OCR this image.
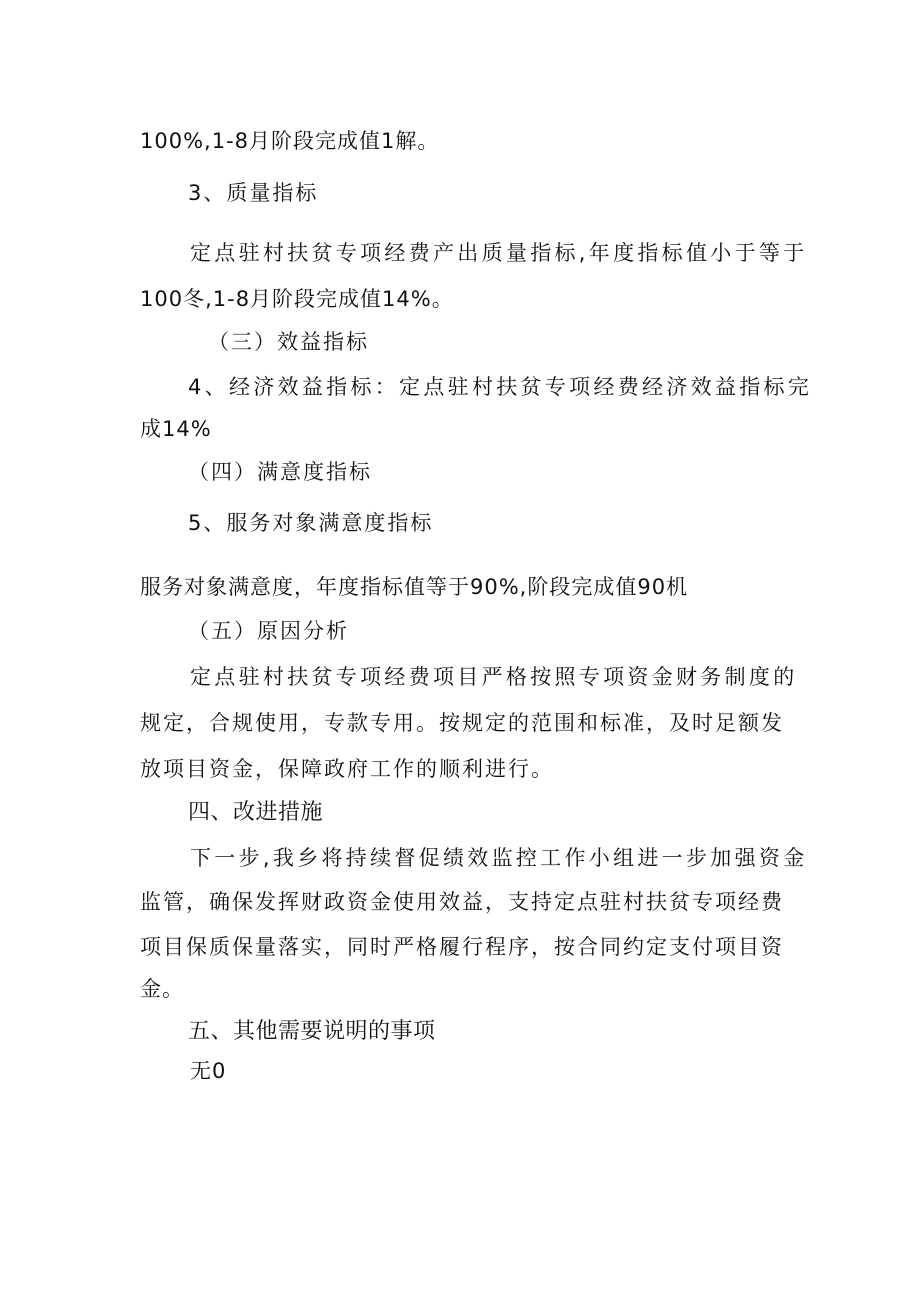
100%,1-8月阶段完成值1解。
3、质量指标
定点驻村扶贫专项经费产出质量指标,年度指标值小于等于
100冬,1-8月阶段完成值14%。
（三）效益指标
4、经济效益指标：定点驻村扶贫专项经费经济效益指标完
成14%
（四）满意度指标
5、服务对象满意度指标
服务对象满意度，年度指标值等于90%,阶段完成值90机
（五）原因分析
定点驻村扶贫专项经费项目严格按照专项资金财务制度的
规定，合规使用，专款专用。按规定的范围和标准，及时足额发
放项目资金，保障政府工作的顺利进行。
四、改进措施
下一步,我乡将持续督促绩效监控工作小组进一步加强资金
监管，确保发挥财政资金使用效益，支持定点驻村扶贫专项经费
项目保质保量落实，同时严格履行程序，按合同约定支付项目资
金。
五、其他需要说明的事项
无0
